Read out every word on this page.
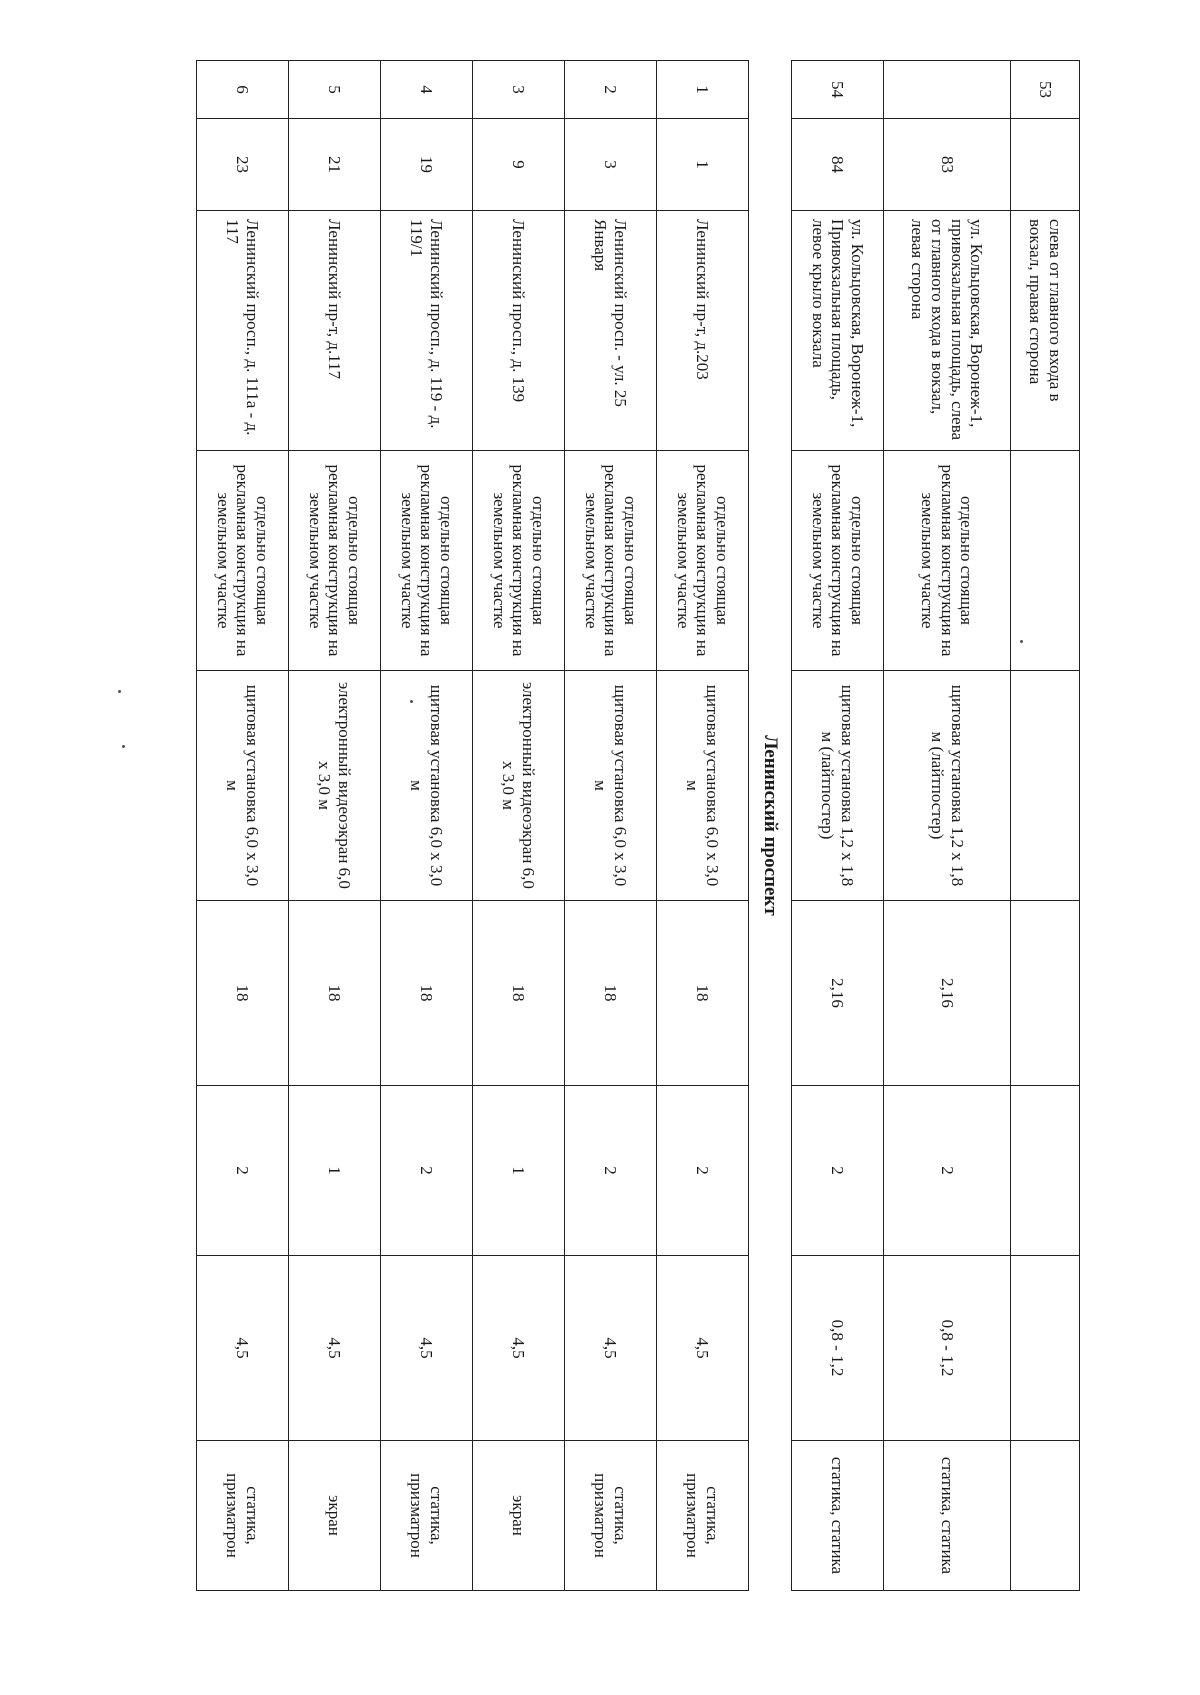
53		слева от главного входа в вокзал, правая сторона						
	83	ул. Кольцовская, Воронеж-1, привокзальная площадь, слева от главного входа в вокзал, левая сторона	отдельно стоящая рекламная конструкция на земельном участке	щитовая установка 1,2 х 1,8 м (лайтпостер)	2,16	2	0,8 - 1,2	статика, статика
54	84	ул. Кольцовская, Воронеж-1, Привокзальная площадь, левое крыло вокзала	отдельно стоящая рекламная конструкция на земельном участке	щитовая установка 1,2 х 1,8 м (лайтпостер)	2,16	2	0,8 - 1,2	статика, статика
Ленинский проспект								
1	1	Ленинский пр-т, д.203	отдельно стоящая рекламная конструкция на земельном участке	щитовая установка 6,0 х 3,0 м	18	2	4,5	статика, призматрон
2	3	Ленинский просп. - ул. 25 Января	отдельно стоящая рекламная конструкция на земельном участке	щитовая установка 6,0 х 3,0 м	18	2	4,5	статика, призматрон
3	9	Ленинский просп., д. 139	отдельно стоящая рекламная конструкция на земельном участке	электронный видеоэкран 6,0 х 3,0 м	18	1	4,5	экран
4	19	Ленинский просп., д. 119 - д. 119/1	отдельно стоящая рекламная конструкция на земельном участке	щитовая установка 6,0 х 3,0 м	18	2	4,5	статика, призматрон
5	21	Ленинский пр-т, д.117	отдельно стоящая рекламная конструкция на земельном участке	электронный видеоэкран 6,0 х 3,0 м	18	1	4,5	экран
6	23	Ленинский просп., д. 111а - д. 117	отдельно стоящая рекламная конструкция на земельном участке	щитовая установка 6,0 х 3,0 м	18	2	4,5	статика, призматрон
